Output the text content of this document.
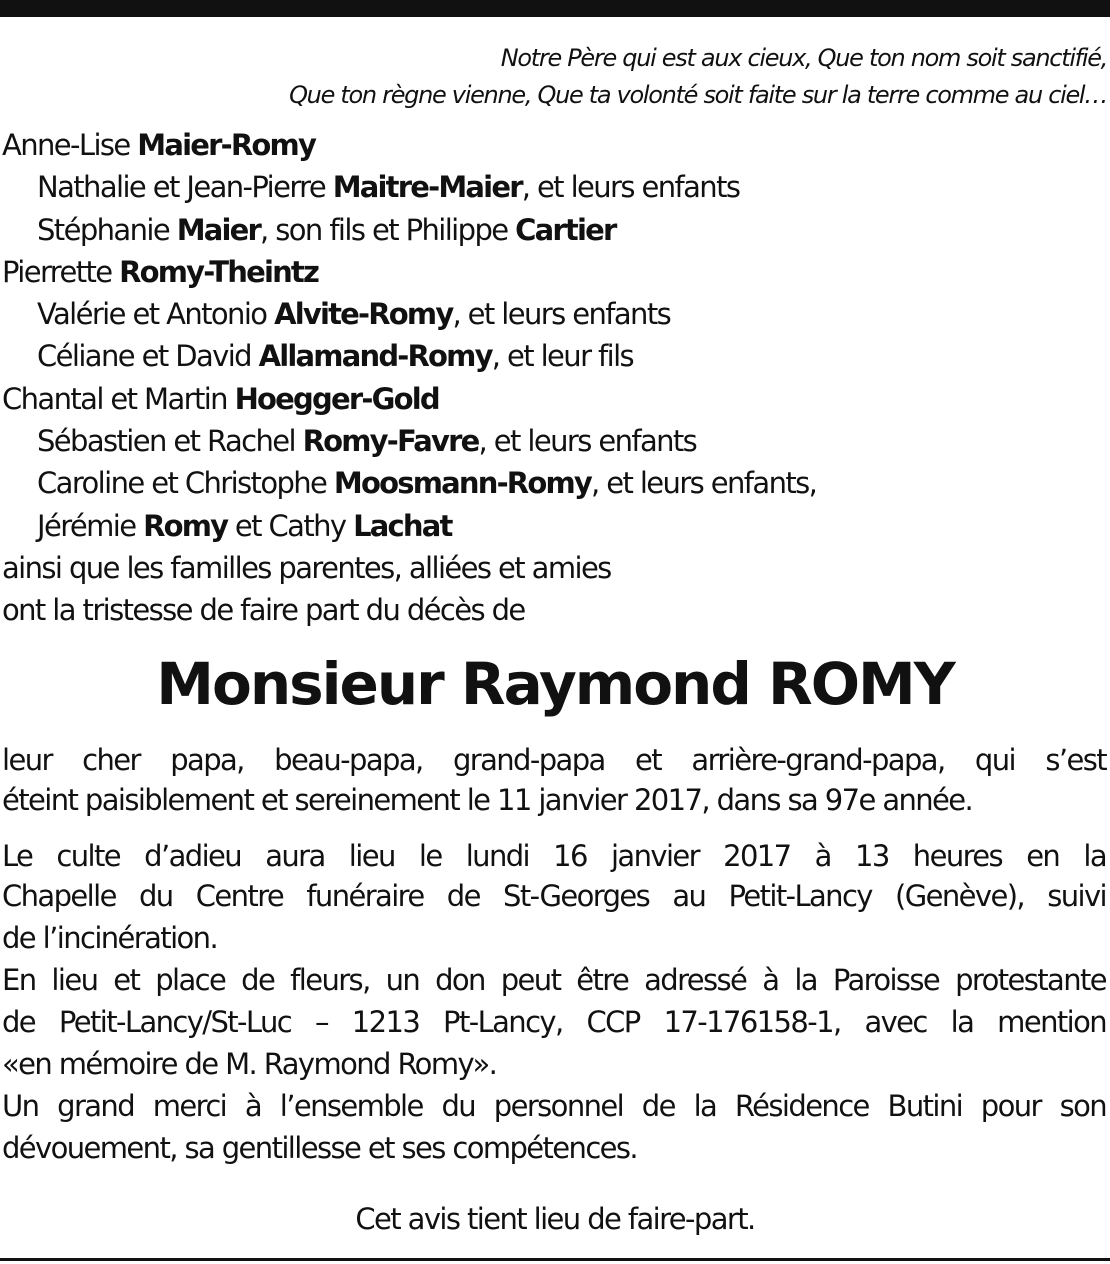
Notre Père qui est aux cieux, Que ton nom soit sanctifié,
Que ton règne vienne, Que ta volonté soit faite sur la terre comme au ciel…
Anne-Lise Maier-Romy
Nathalie et Jean-Pierre Maitre-Maier, et leurs enfants
Stéphanie Maier, son fils et Philippe Cartier
Pierrette Romy-Theintz
Valérie et Antonio Alvite-Romy, et leurs enfants
Céliane et David Allamand-Romy, et leur fils
Chantal et Martin Hoegger-Gold
Sébastien et Rachel Romy-Favre, et leurs enfants
Caroline et Christophe Moosmann-Romy, et leurs enfants,
Jérémie Romy et Cathy Lachat
ainsi que les familles parentes, alliées et amies
ont la tristesse de faire part du décès de
Monsieur Raymond ROMY
leur cher papa, beau-papa, grand-papa et arrière-grand-papa, qui s’est
éteint paisiblement et sereinement le 11 janvier 2017, dans sa 97e année.
Le culte d’adieu aura lieu le lundi 16 janvier 2017 à 13 heures en la
Chapelle du Centre funéraire de St-Georges au Petit-Lancy (Genève), suivi
de l’incinération.
En lieu et place de fleurs, un don peut être adressé à la Paroisse protestante
de Petit-Lancy/St-Luc – 1213 Pt-Lancy, CCP 17-176158-1, avec la mention
«en mémoire de M. Raymond Romy».
Un grand merci à l’ensemble du personnel de la Résidence Butini pour son
dévouement, sa gentillesse et ses compétences.
Cet avis tient lieu de faire-part.
